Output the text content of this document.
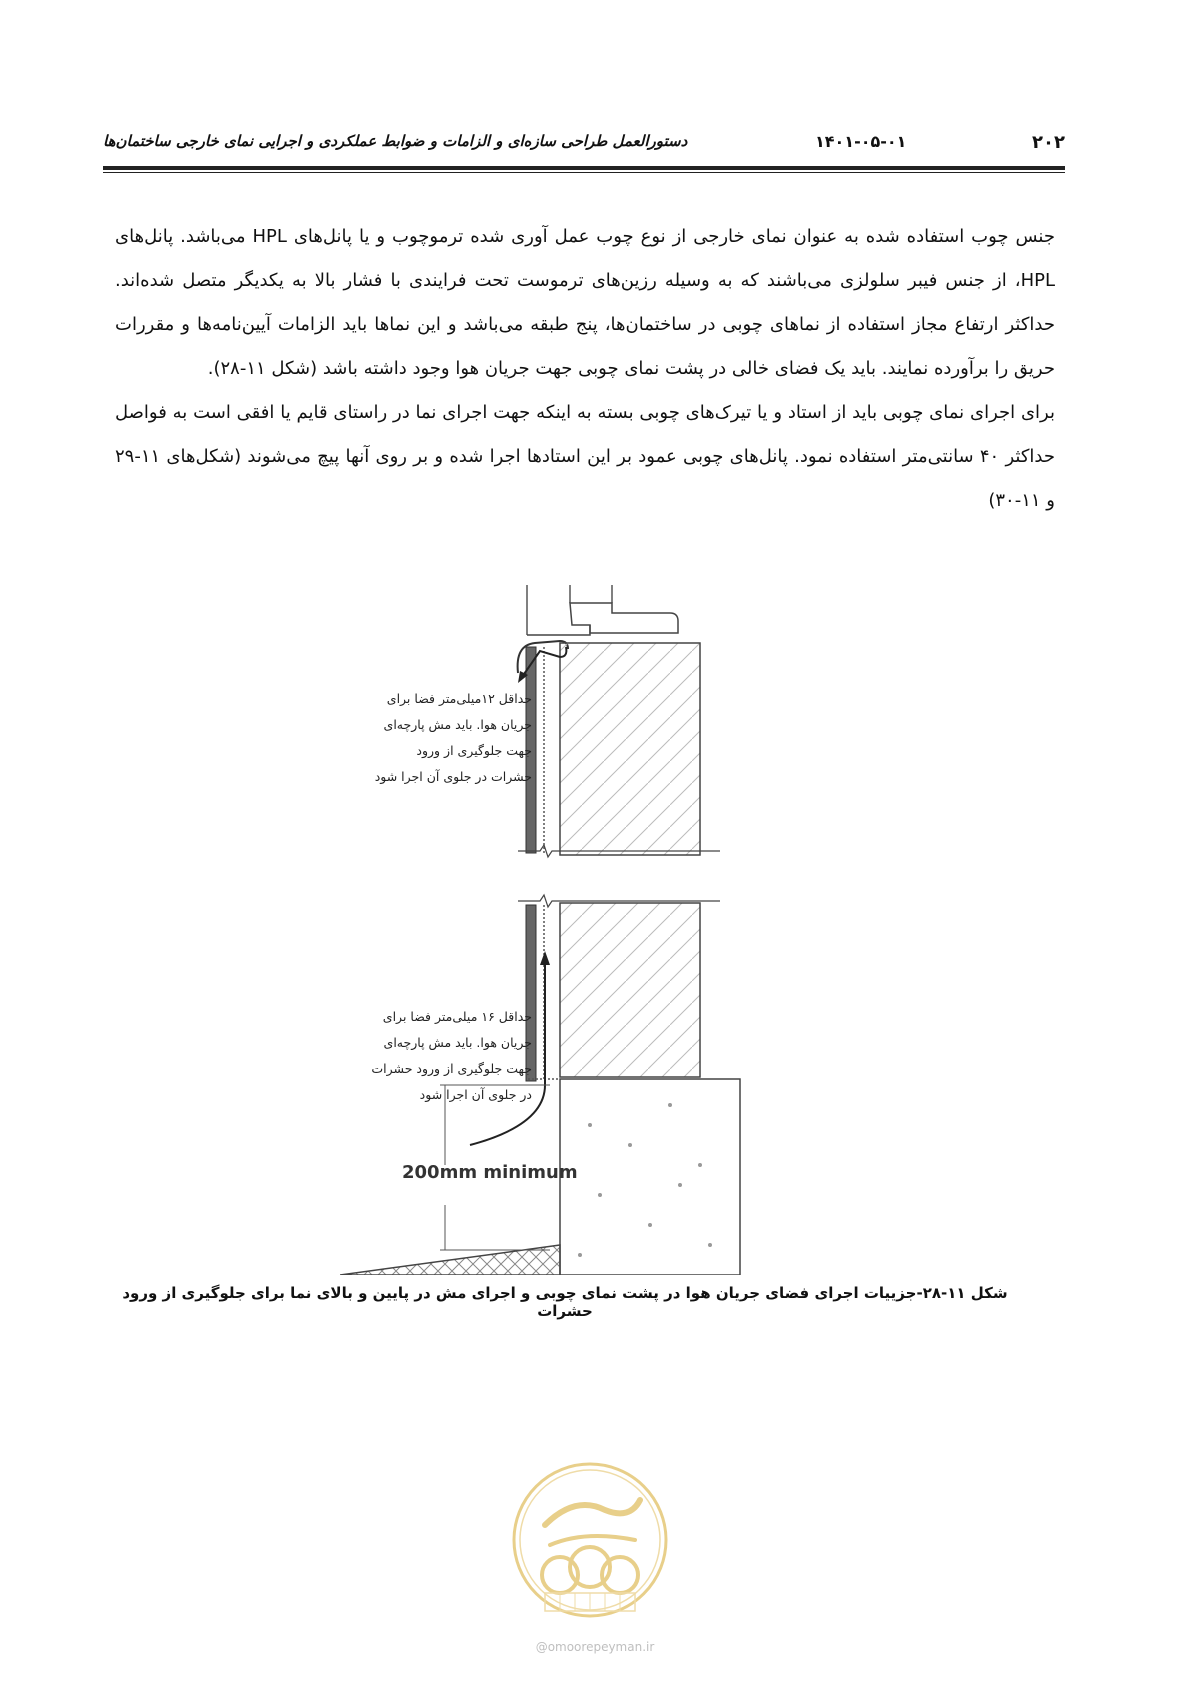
۲۰۲
۱۴۰۱-۰۵-۰۱
دستورالعمل طراحی سازه‌ای و الزامات و ضوابط عملکردی و اجرایی نمای خارجی ساختمان‌ها

جنس چوب استفاده شده به عنوان نمای خارجی از نوع چوب عمل آوری شده ترموچوب و یا پانل‌های HPL می‌باشد. پانل‌های HPL، از جنس فیبر سلولزی می‌باشند که به وسیله رزین‌های ترموست تحت فرایندی با فشار بالا به یکدیگر متصل شده‌اند. حداکثر ارتفاع مجاز استفاده از نماهای چوبی در ساختمان‌ها، پنج طبقه می‌باشد و این نماها باید الزامات آیین‌نامه‌ها و مقررات حریق را برآورده نمایند. باید یک فضای خالی در پشت نمای چوبی جهت جریان هوا وجود داشته باشد (شکل ۱۱-۲۸).

برای اجرای نمای چوبی باید از استاد و یا تیرک‌های چوبی بسته به اینکه جهت اجرای نما در راستای قایم یا افقی است به فواصل حداکثر ۴۰ سانتی‌متر استفاده نمود. پانل‌های چوبی عمود بر این استادها اجرا شده و بر روی آنها پیچ می‌شوند (شکل‌های ۱۱-۲۹ و ۱۱-۳۰)

حداقل ۱۲میلی‌متر فضا برای
جریان هوا. باید مش پارچه‌ای
جهت جلوگیری از ورود
حشرات در جلوی آن اجرا شود
حداقل ۱۶ میلی‌متر فضا برای
جریان هوا. باید مش پارچه‌ای
جهت جلوگیری از ورود حشرات
در جلوی آن اجرا شود
200mm minimum
شکل ۱۱-۲۸-جزییات اجرای فضای جریان هوا در پشت نمای چوبی و اجرای مش در پایین و بالای نما برای جلوگیری از ورود حشرات
@omoorepeyman.ir
